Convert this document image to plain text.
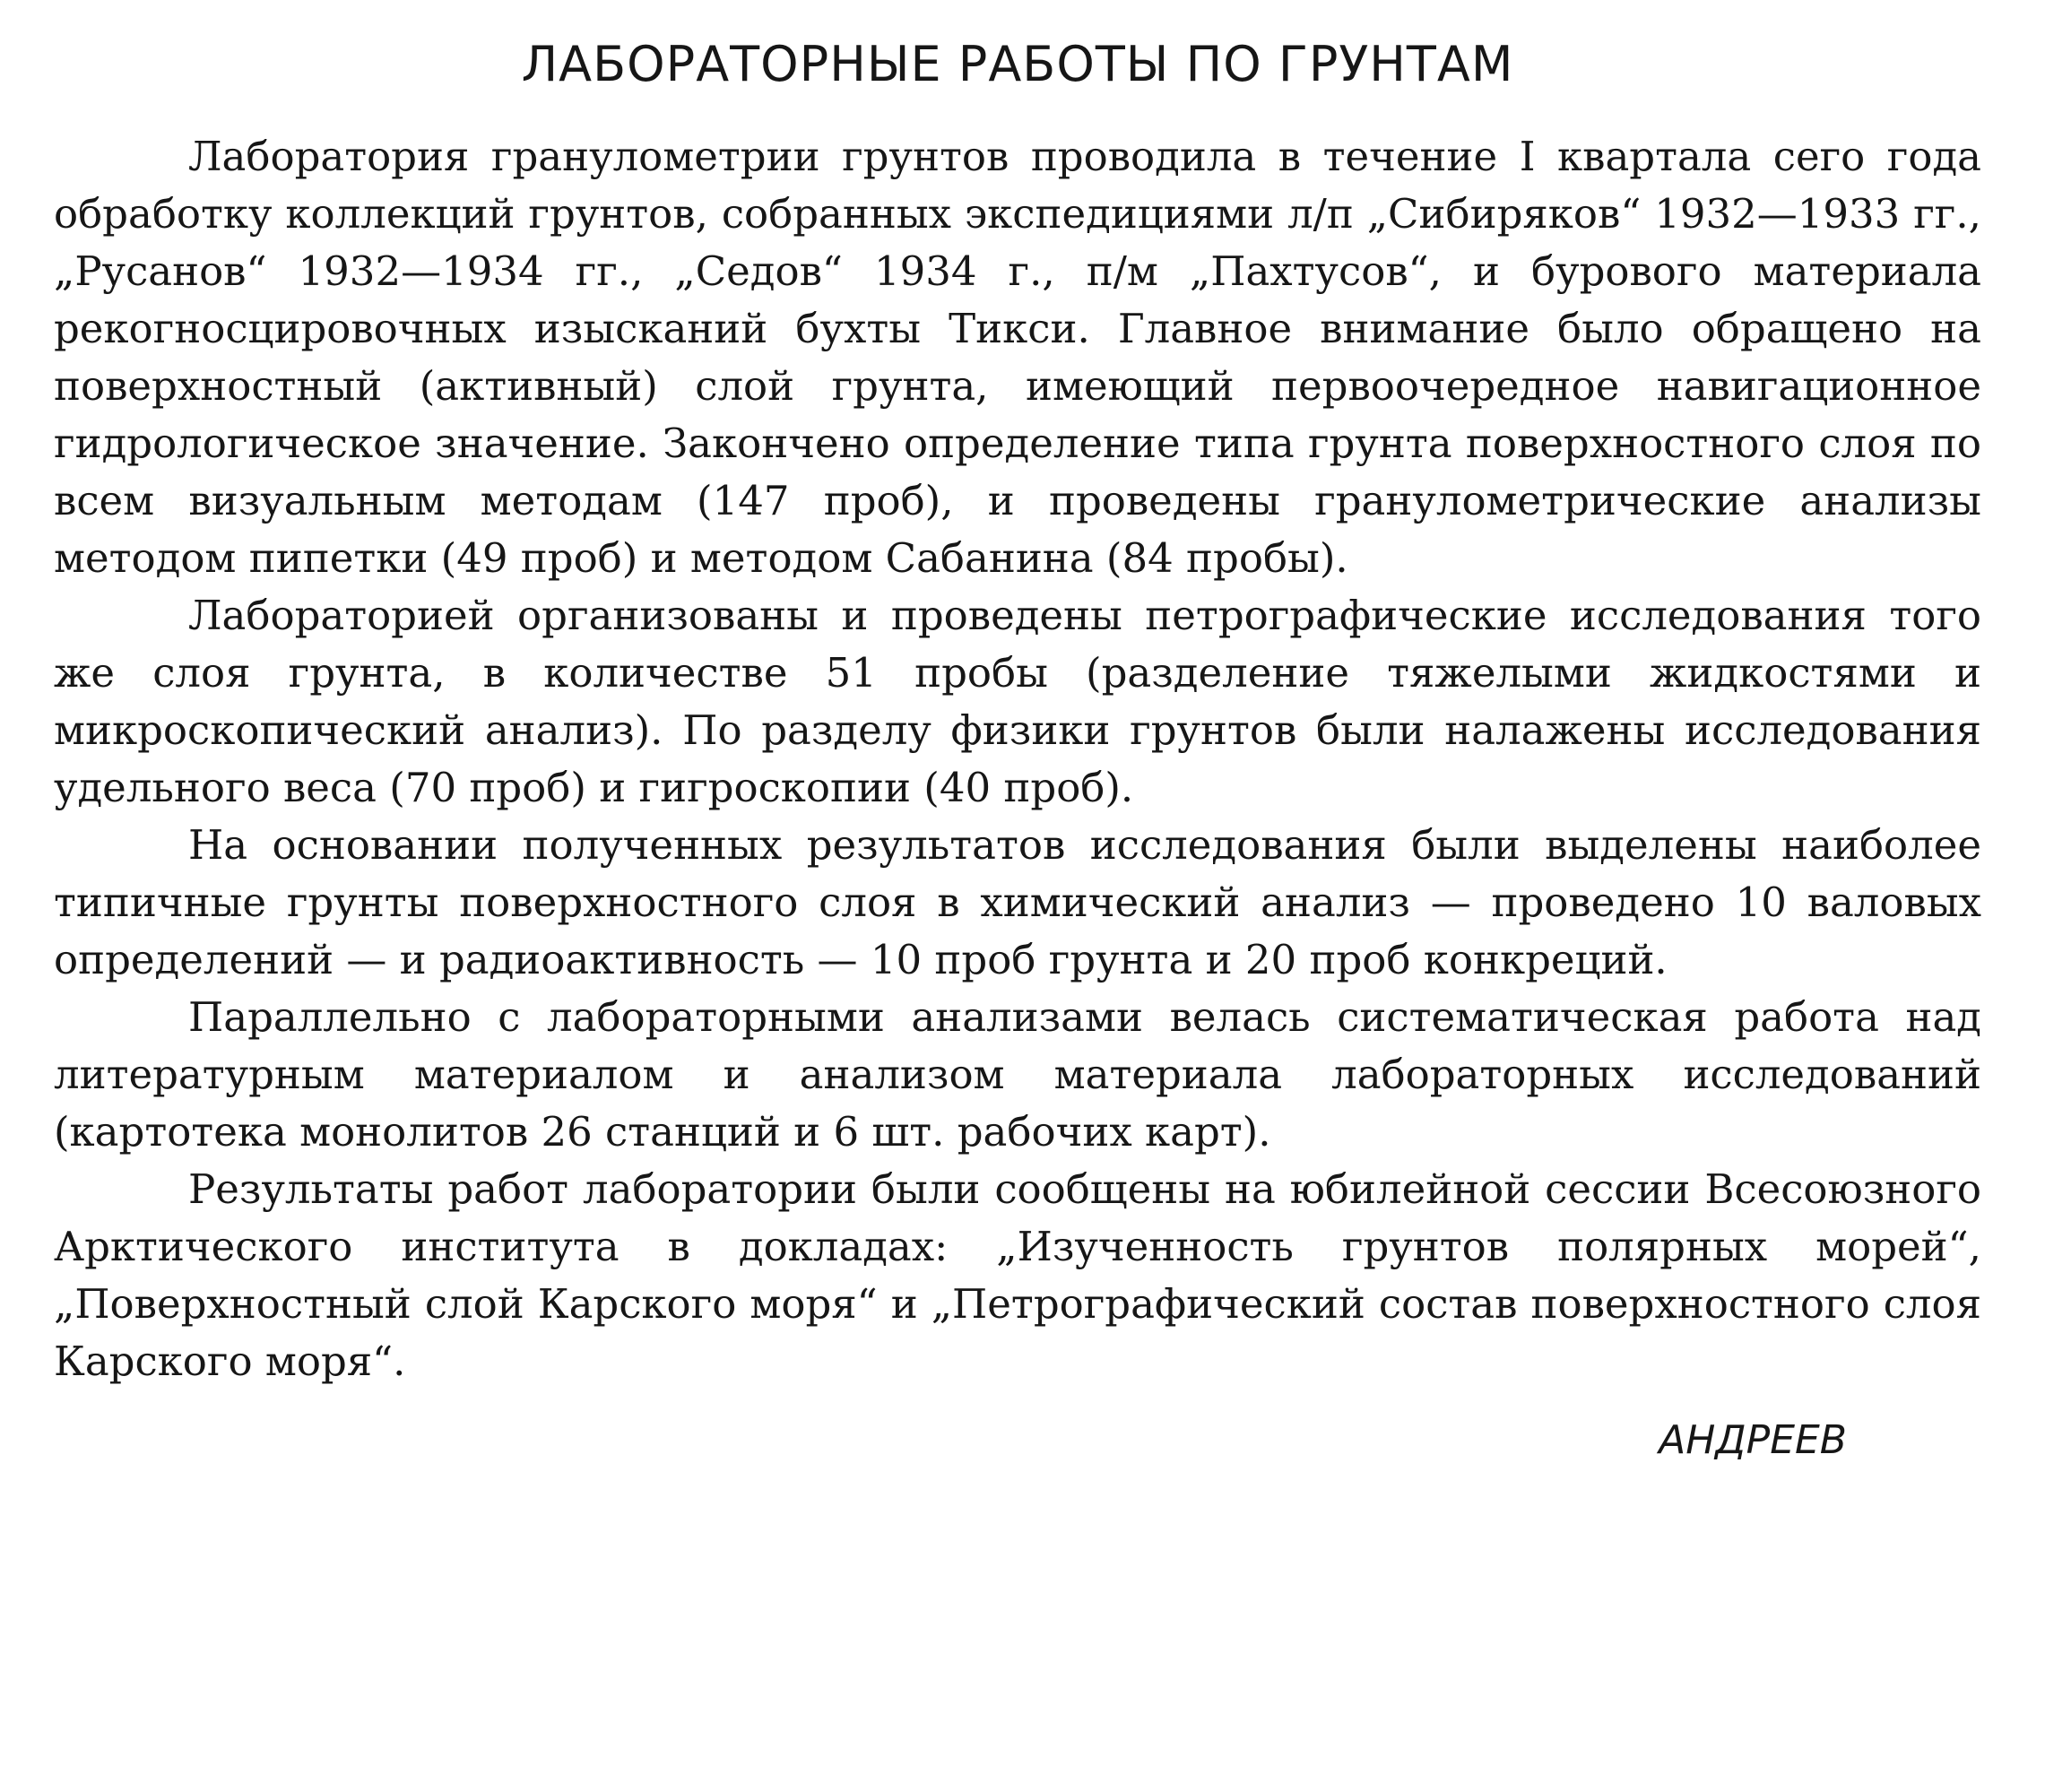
ЛАБОРАТОРНЫЕ РАБОТЫ ПО ГРУНТАМ

Лаборатория гранулометрии грунтов проводила в течение I квартала сего года обработку коллекций грунтов, собранных экспедициями л/п „Сибиряков“ 1932—1933 гг., „Русанов“ 1932—1934 гг., „Седов“ 1934 г., п/м „Пахтусов“, и бурового материала рекогносцировочных изысканий бухты Тикси. Главное внимание было обращено на поверхностный (активный) слой грунта, имеющий первоочередное навигационное гидрологическое значение. Закончено определение типа грунта поверхностного слоя по всем визуальным методам (147 проб), и проведены гранулометрические анализы методом пипетки (49 проб) и методом Сабанина (84 пробы).

Лабораторией организованы и проведены петрографические исследования того же слоя грунта, в количестве 51 пробы (разделение тяжелыми жидкостями и микроскопический анализ). По разделу физики грунтов были налажены исследования удельного веса (70 проб) и гигроскопии (40 проб).

На основании полученных результатов исследования были выделены наиболее типичные грунты поверхностного слоя в химический анализ — проведено 10 валовых определений — и радиоактивность — 10 проб грунта и 20 проб конкреций.

Параллельно с лабораторными анализами велась систематическая работа над литературным материалом и анализом материала лабораторных исследований (картотека монолитов 26 станций и 6 шт. рабочих карт).

Результаты работ лаборатории были сообщены на юбилейной сессии Всесоюзного Арктического института в докладах: „Изученность грунтов полярных морей“, „Поверхностный слой Карского моря“ и „Петрографический состав поверхностного слоя Карского моря“.

АНДРЕЕВ
